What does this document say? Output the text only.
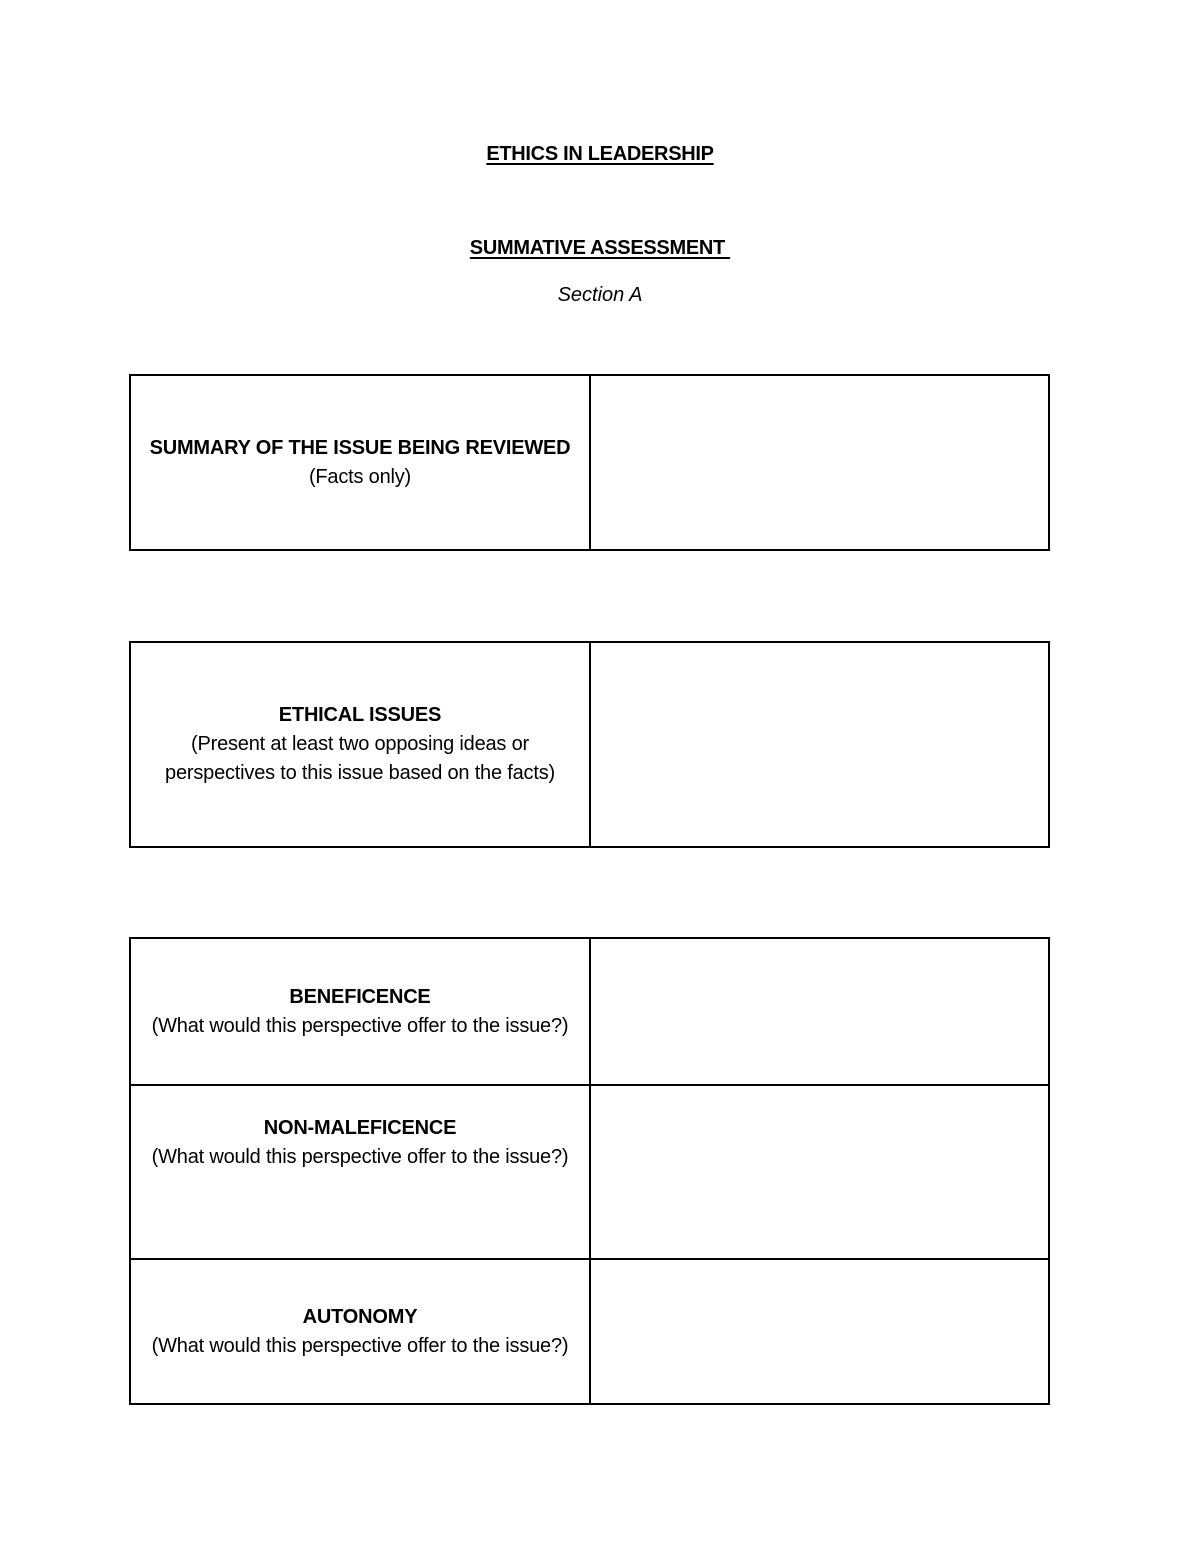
ETHICS IN LEADERSHIP
SUMMATIVE ASSESSMENT
Section A
SUMMARY OF THE ISSUE BEING REVIEWED
(Facts only)

ETHICAL ISSUES
(Present at least two opposing ideas or perspectives to this issue based on the facts)

BENEFICENCE
(What would this perspective offer to the issue?)	

NON-MALEFICENCE
(What would this perspective offer to the issue?)	

AUTONOMY
(What would this perspective offer to the issue?)	
